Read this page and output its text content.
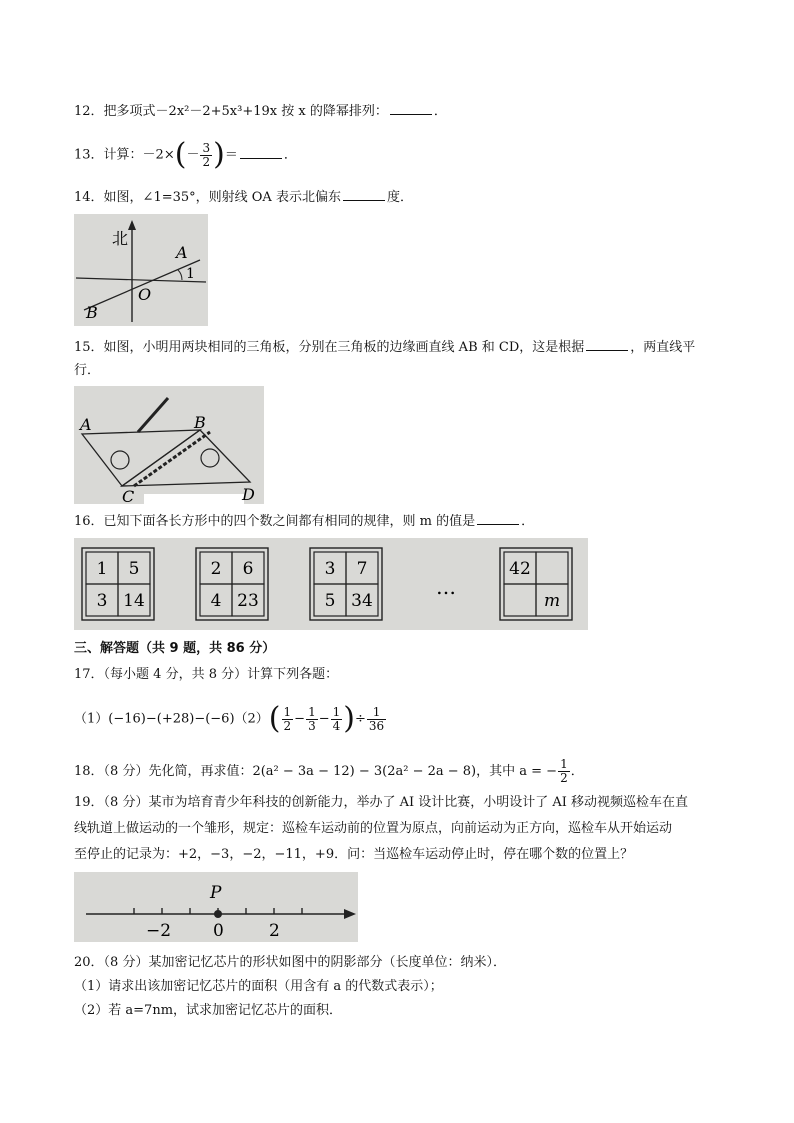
12．把多项式－2x²－2+5x³+19x 按 x 的降幂排列：	．
13．计算：$-2\times(- \frac{3}{2}$ )＝	．
14．如图，∠1=35°，则射线 OA 表示北偏东	度．
北
A
1
O
B
15．如图，小明用两块相同的三角板，分别在三角板的边缘画直线 AB 和 CD，这是根据	，两直线平
行．
A	B
C	D
16．已知下面各长方形中的四个数之间都有相同的规律，则 m 的值是	．
1 5
3 14
2 6
4 23
3 7
5 34
42
m
…
三、解答题（共 9 题，共 86 分）
17．（每小题 4 分，共 8 分）计算下列各题：
$(1)(-16)-(+28)-(-6)(2)( \frac{1}{2} - \frac{1}{3} - \frac{1}{4}$ )÷ $\frac{1}{36}$
18．（8 分）先化简，再求值：2(a² − 3a − 12) − 3(2a² − 2a − 8)，其中 a = − $\frac{1}{2}$ ．
19．（8 分）某市为培育青少年科技的创新能力，举办了 AI 设计比赛，小明设计了 AI 移动视频巡检车在直
线轨道上做运动的一个雏形，规定：巡检车运动前的位置为原点，向前运动为正方向，巡检车从开始运动
至停止的记录为：+2，−3，−2，−11，+9．问：当巡检车运动停止时，停在哪个数的位置上？
P
−2 0	2
20．（8 分）某加密记忆芯片的形状如图中的阴影部分（长度单位：纳米）．
（1）请求出该加密记忆芯片的面积（用含有 a 的代数式表示）；
（2）若 a=7nm，试求加密记忆芯片的面积．
